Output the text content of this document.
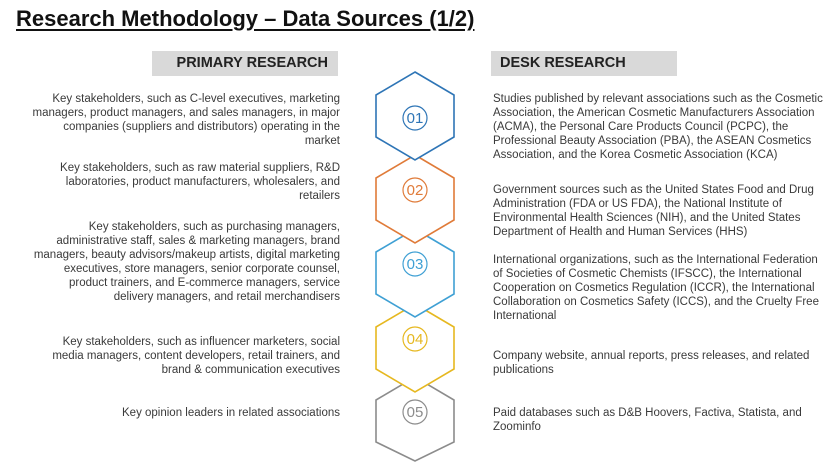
Research Methodology – Data Sources (1/2)
PRIMARY RESEARCH	DESK RESEARCH
Key stakeholders, such as C-level executives, marketing managers, product managers, and sales managers, in major companies (suppliers and distributors) operating in the market
Key stakeholders, such as raw material suppliers, R&D laboratories, product manufacturers, wholesalers, and retailers
Key stakeholders, such as purchasing managers, administrative staff, sales & marketing managers, brand managers, beauty advisors/makeup artists, digital marketing executives, store managers, senior corporate counsel, product trainers, and E-commerce managers, service delivery managers, and retail merchandisers
Key stakeholders, such as influencer marketers, social media managers, content developers, retail trainers, and brand & communication executives
Key opinion leaders in related associations
Studies published by relevant associations such as the Cosmetic Association, the American Cosmetic Manufacturers Association (ACMA), the Personal Care Products Council (PCPC), the Professional Beauty Association (PBA), the ASEAN Cosmetics Association, and the Korea Cosmetic Association (KCA)
Government sources such as the United States Food and Drug Administration (FDA or US FDA), the National Institute of Environmental Health Sciences (NIH), and the United States Department of Health and Human Services (HHS)
International organizations, such as the International Federation of Societies of Cosmetic Chemists (IFSCC), the International Cooperation on Cosmetics Regulation (ICCR), the International Collaboration on Cosmetics Safety (ICCS), and the Cruelty Free International
Company website, annual reports, press releases, and related publications
Paid databases such as D&B Hoovers, Factiva, Statista, and Zoominfo
05
04
03
02
01
